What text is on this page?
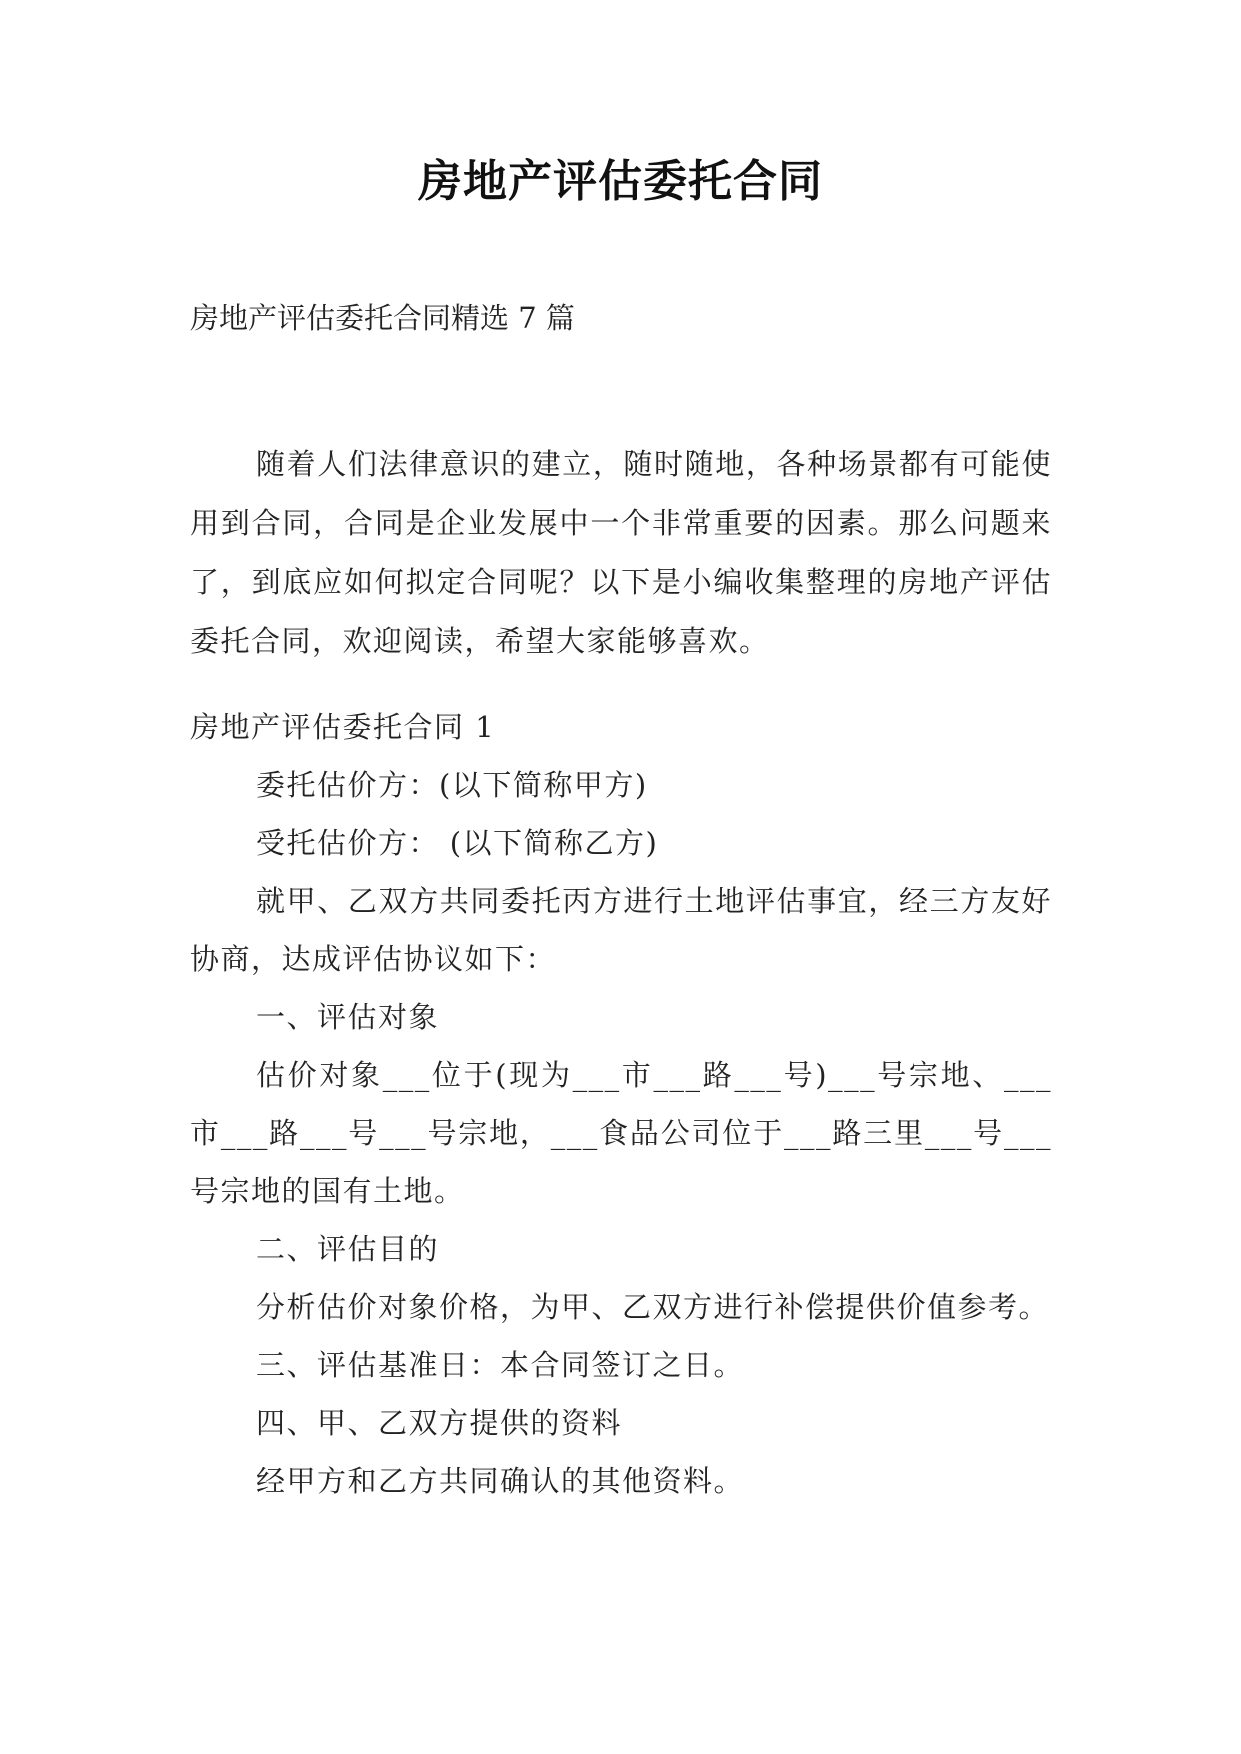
房地产评估委托合同
房地产评估委托合同精选 7 篇

随着人们法律意识的建立，随时随地，各种场景都有可能使用到合同，合同是企业发展中一个非常重要的因素。那么问题来了，到底应如何拟定合同呢？以下是小编收集整理的房地产评估委托合同，欢迎阅读，希望大家能够喜欢。

房地产评估委托合同 1

委托估价方：(以下简称甲方)

受托估价方： (以下简称乙方)

就甲、乙双方共同委托丙方进行土地评估事宜，经三方友好协商，达成评估协议如下：

一、评估对象

估价对象___位于(现为___市___路___号)___号宗地、___市___路___号___号宗地，___食品公司位于___路三里___号___号宗地的国有土地。

二、评估目的

分析估价对象价格，为甲、乙双方进行补偿提供价值参考。

三、评估基准日：本合同签订之日。

四、甲、乙双方提供的资料

经甲方和乙方共同确认的其他资料。
